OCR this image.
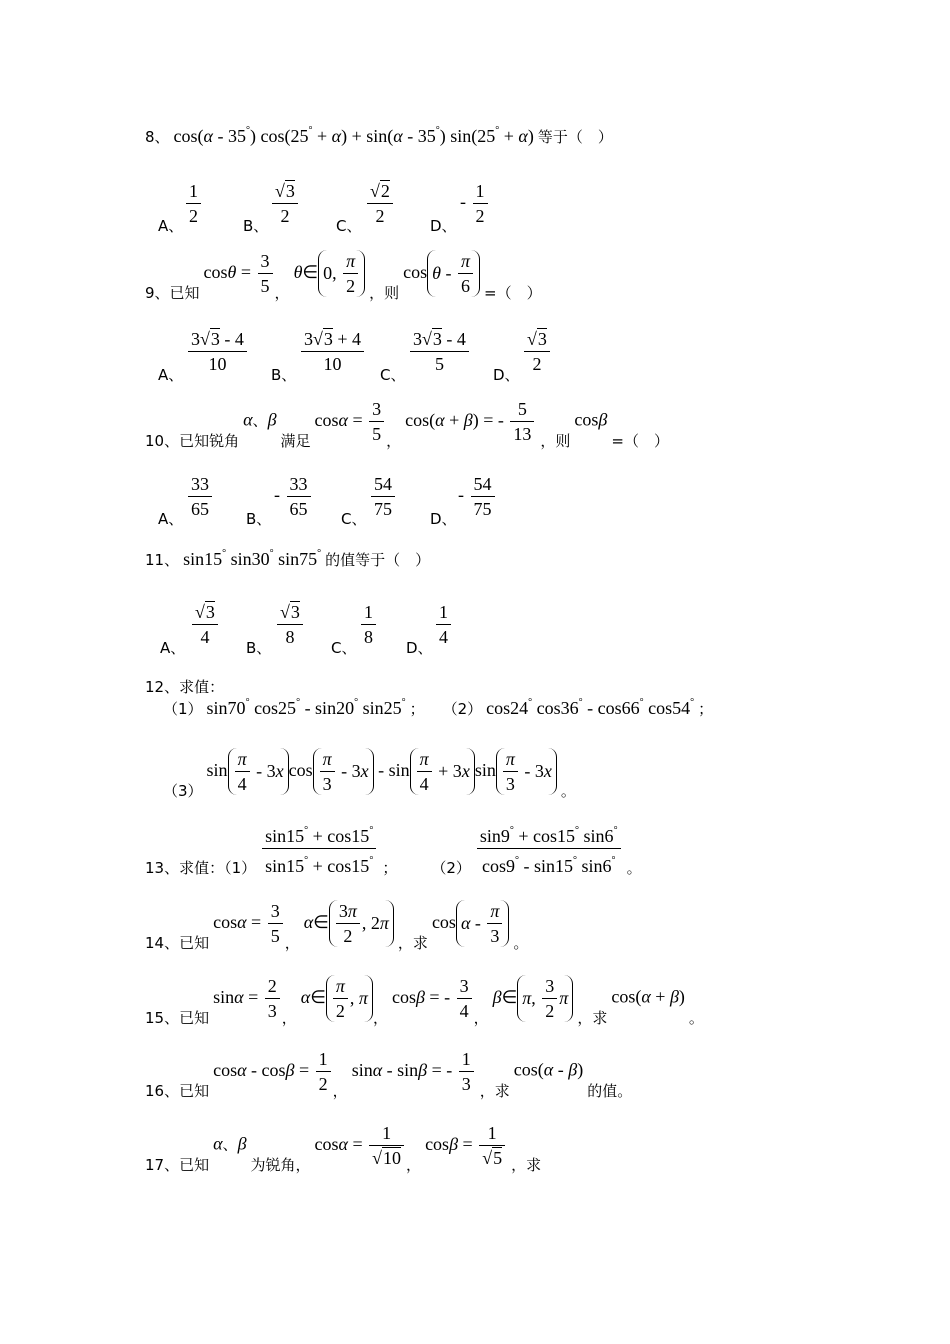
8、 cos(α - 35°) cos(25° + α) + sin(α - 35°) sin(25° + α) 等于（　）
A、 $\frac{1}{2}$	B、 $\frac{√3}{2}$	C、 $\frac{√2}{2}$ D、
- $\frac{1}{2}$
9、已知 $\cos\theta = \frac{3}{5}$ ， θ∈ 0, $\frac{\pi}{2}$ ，则 cos θ - $\frac{\pi}{6}$ =（　）
A、 $\frac{3√3 - 4}{10}$ B、 $\frac{3√3 + 4}{10}$ C、 $\frac{3√3 - 4}{5}$ D、 $\frac{√3}{2}$
10、已知锐角 α、β 满足 $\cos\alpha = \frac{3}{5}$ ， cos(α + β) = - $\frac{5}{13}$ ，则 cosβ =（　）
A、 $\frac{33}{65}$ B、
- $\frac{33}{65}$ C、 $\frac{54}{75}$ D、
- $\frac{54}{75}$
11、 sin15° sin30° sin75° 的值等于（　）
A、 $\frac{√3}{4}$ B、 $\frac{√3}{8}$ C、 $\frac{1}{8}$ D、 $\frac{1}{4}$
12、求值：
（1） sin70° cos25° - sin20° sin25° ； （2） cos24° cos36° - cos66° cos54° ；
（3） $\sin \frac{\pi}{4} - 3x$ $\cos \frac{\pi}{3} - 3x - \sin \frac{\pi}{4} + 3x$ $\sin \frac{\pi}{3} - 3x$ 。
13、求值：$(1) \frac{\sin 15^\circ + \cos 15^\circ}{\sin 15^\circ + \cos 15^\circ}$ ； $(2) \frac{\sin 9^\circ + \cos 15^\circ \sin 6^\circ}{\cos 9^\circ - \sin 15^\circ \sin 6^\circ}$ 。
14、已知 $\cos\alpha = \frac{3}{5}$ ， α∈ $\frac{3\pi}{2}$ , 2π ，求 cos α - $\frac{\pi}{3}$ 。
15、已知 $\sin\alpha = \frac{2}{3}$ ， α∈ $\frac{\pi}{2}$ , π， cosβ = - $\frac{3}{4}$ ， β∈ π, $\frac{3}{2}$ π ，求 cos(α + β) 。
16、已知 $\cos\alpha - \cos\beta = \frac{1}{2}$ ， sinα - sinβ = - $\frac{1}{3}$ ，求 cos(α - β) 的值。
17、已知 α、β 为锐角， $\cos\alpha = \frac{1}{√10}$ ， $\cos\beta = \frac{1}{√5}$ ，求
